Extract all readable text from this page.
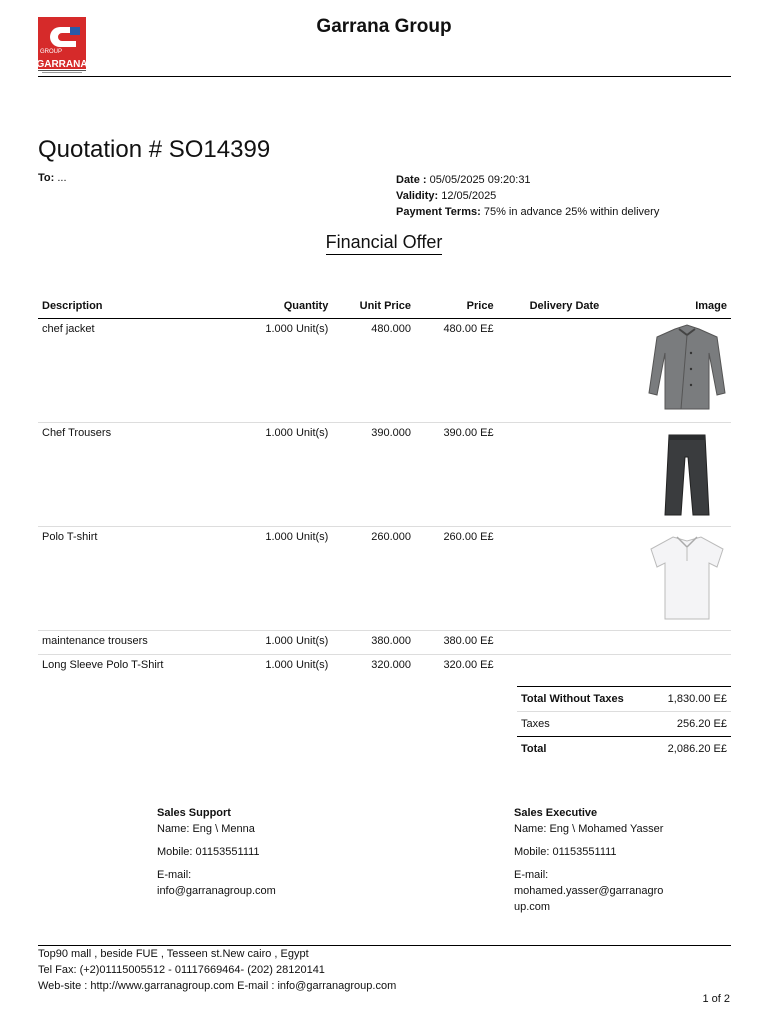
GROUP
GARRANA
Garrana Group
Quotation # SO14399
To: ...	Date : 05/05/2025 09:20:31
Validity: 12/05/2025
Payment Terms: 75% in advance 25% within delivery
Financial Offer
Description	Quantity	Unit Price	Price	Delivery Date	Image
chef jacket	1.000 Unit(s)	480.000	480.00 E£		
Chef Trousers	1.000 Unit(s)	390.000	390.00 E£		
Polo T-shirt	1.000 Unit(s)	260.000	260.00 E£		
maintenance trousers	1.000 Unit(s)	380.000	380.00 E£		
Long Sleeve Polo T-Shirt	1.000 Unit(s)	320.000	320.00 E£		
Total Without Taxes	1,830.00 E£
Taxes	256.20 E£
Total	2,086.20 E£
Sales Support

Name: Eng \ Menna

Mobile: 01153551111

E-mail:
info@garranagroup.com
Sales Executive

Name: Eng \ Mohamed Yasser

Mobile: 01153551111

E-mail:
mohamed.yasser@garranagroup.com
Top90 mall , beside FUE , Tesseen st.New cairo , Egypt
Tel Fax: (+2)01115005512 - 01117669464- (202) 28120141
Web-site : http://www.garranagroup.com E-mail : info@garranagroup.com
1 of 2
